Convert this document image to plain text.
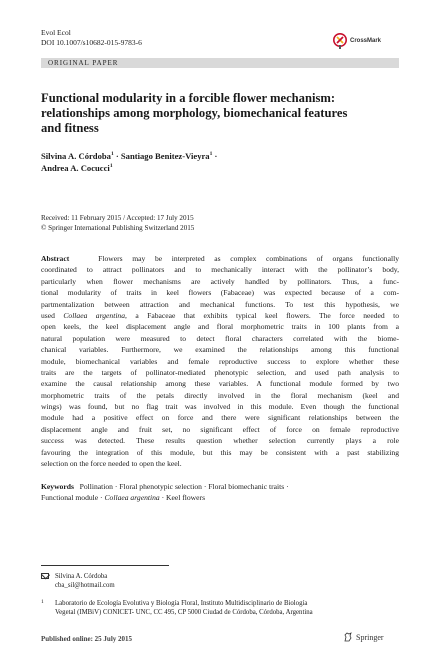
Evol Ecol
DOI 10.1007/s10682-015-9783-6	CrossMark
ORIGINAL PAPER
Functional modularity in a forcible flower mechanism:
relationships among morphology, biomechanical features
and fitness
Silvina A. Córdoba$^1$ · Santiago Benitez-Vieyra$^1$ ·
Andrea A. Cocucci$^1$
Received: 11 February 2015 / Accepted: 17 July 2015
© Springer International Publishing Switzerland 2015
Abstract	Flowers may be interpreted as complex combinations of organs functionally
coordinated to attract pollinators and to mechanically interact with the pollinator’s body,
particularly when flower mechanisms are actively handled by pollinators. Thus, a func-
tional modularity of traits in keel flowers (Fabaceae) was expected because of a com-
partmentalization between attraction and mechanical functions. To test this hypothesis, we
used Collaea argentina, a Fabaceae that exhibits typical keel flowers. The force needed to
open keels, the keel displacement angle and floral morphometric traits in 100 plants from a
natural population were measured to detect floral characters correlated with the biome-
chanical variables. Furthermore, we examined the relationships among this functional
module, biomechanical variables and female reproductive success to explore whether these
traits are the targets of pollinator-mediated phenotypic selection, and used path analysis to
examine the causal relationship among these variables. A functional module formed by two
morphometric traits of the petals directly involved in the floral mechanism (keel and
wings) was found, but no flag trait was involved in this module. Even though the functional
module had a positive effect on force and there were significant relationships between the
displacement angle and fruit set, no significant effect of force on female reproductive
success was detected. These results question whether selection currently plays a role
favouring the integration of this module, but this may be consistent with a past stabilizing
selection on the force needed to open the keel.
Keywords Pollination · Floral phenotypic selection · Floral biomechanic traits ·
Functional module · Collaea argentina · Keel flowers
Silvina A. Córdoba
cba_sil@hotmail.com
1	Laboratorio de Ecología Evolutiva y Biología Floral, Instituto Multidisciplinario de Biología
Vegetal (IMBiV) CONICET- UNC, CC 495, CP 5000 Ciudad de Córdoba, Córdoba, Argentina
Published online: 25 July 2015	Springer
